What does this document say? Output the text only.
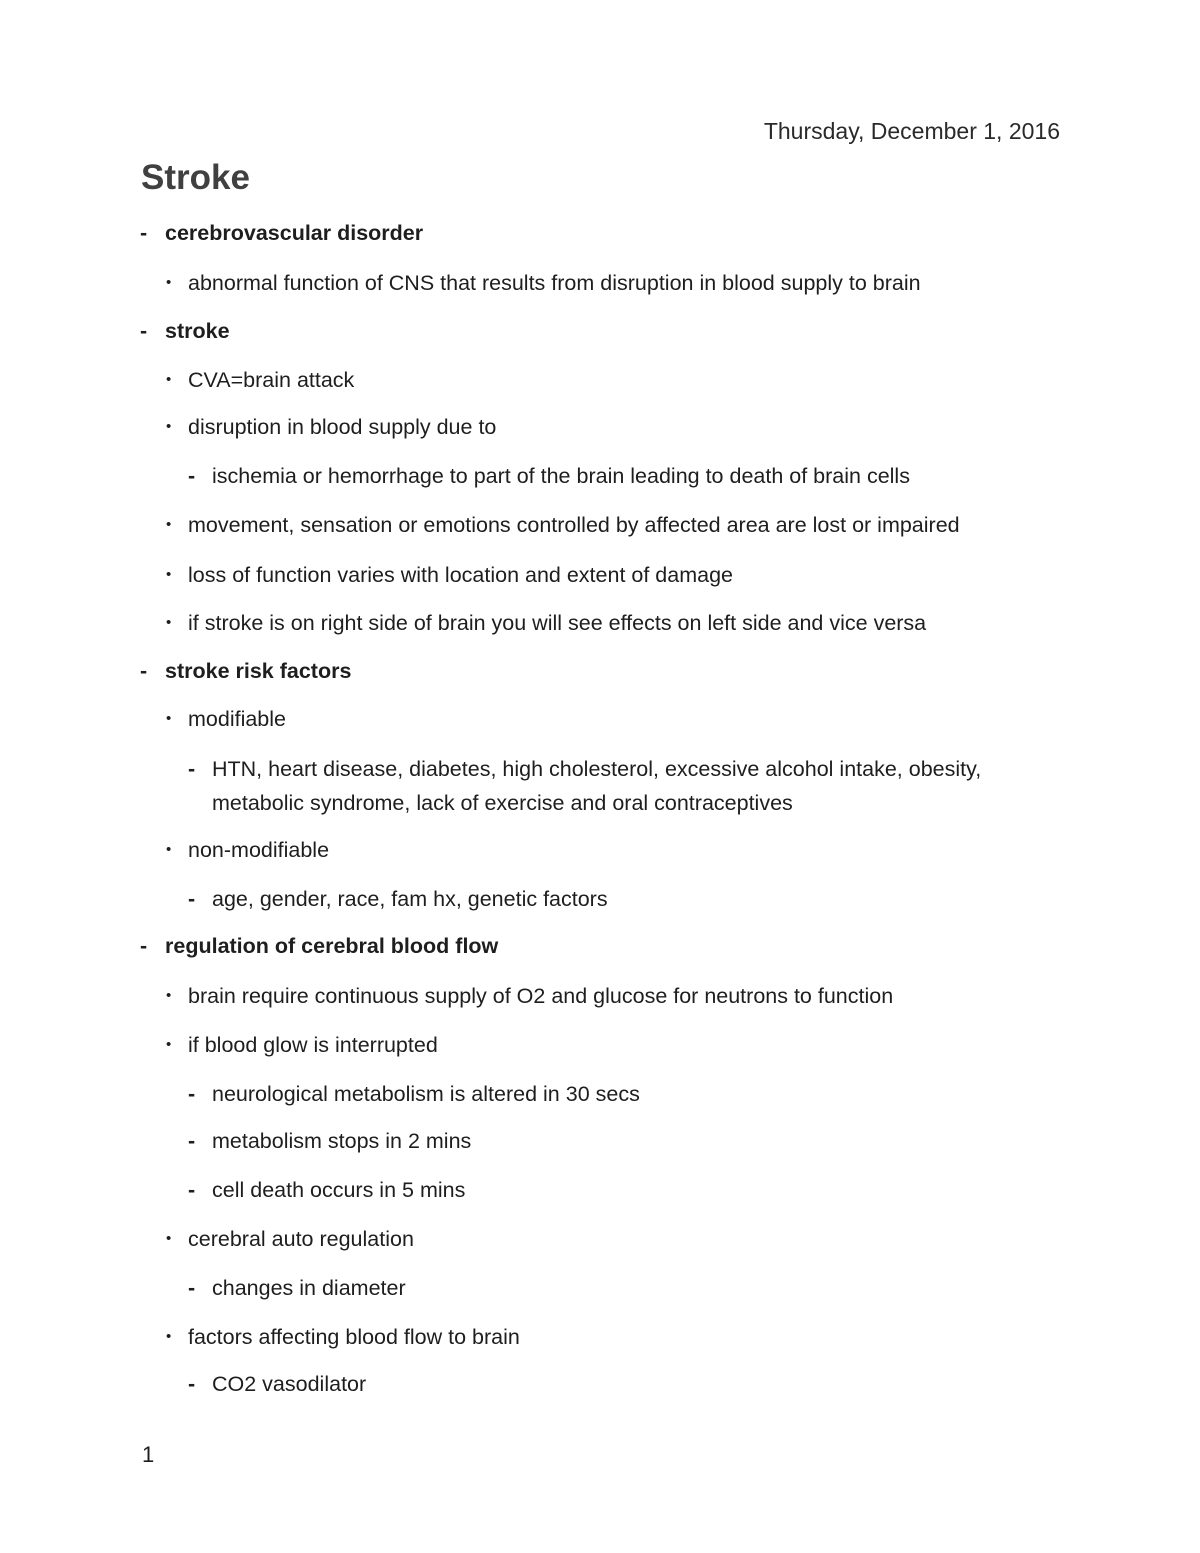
Thursday, December 1, 2016
Stroke
- cerebrovascular disorder
• abnormal function of CNS that results from disruption in blood supply to brain
- stroke
• CVA=brain attack
• disruption in blood supply due to
- ischemia or hemorrhage to part of the brain leading to death of brain cells
• movement, sensation or emotions controlled by affected area are lost or impaired
• loss of function varies with location and extent of damage
• if stroke is on right side of brain you will see effects on left side and vice versa
- stroke risk factors
• modifiable
- HTN, heart disease, diabetes, high cholesterol, excessive alcohol intake, obesity, metabolic syndrome, lack of exercise and oral contraceptives
• non-modifiable
- age, gender, race, fam hx, genetic factors
- regulation of cerebral blood flow
• brain require continuous supply of O2 and glucose for neutrons to function
• if blood glow is interrupted
- neurological metabolism is altered in 30 secs
- metabolism stops in 2 mins
- cell death occurs in 5 mins
• cerebral auto regulation
- changes in diameter
• factors affecting blood flow to brain
- CO2 vasodilator
1
